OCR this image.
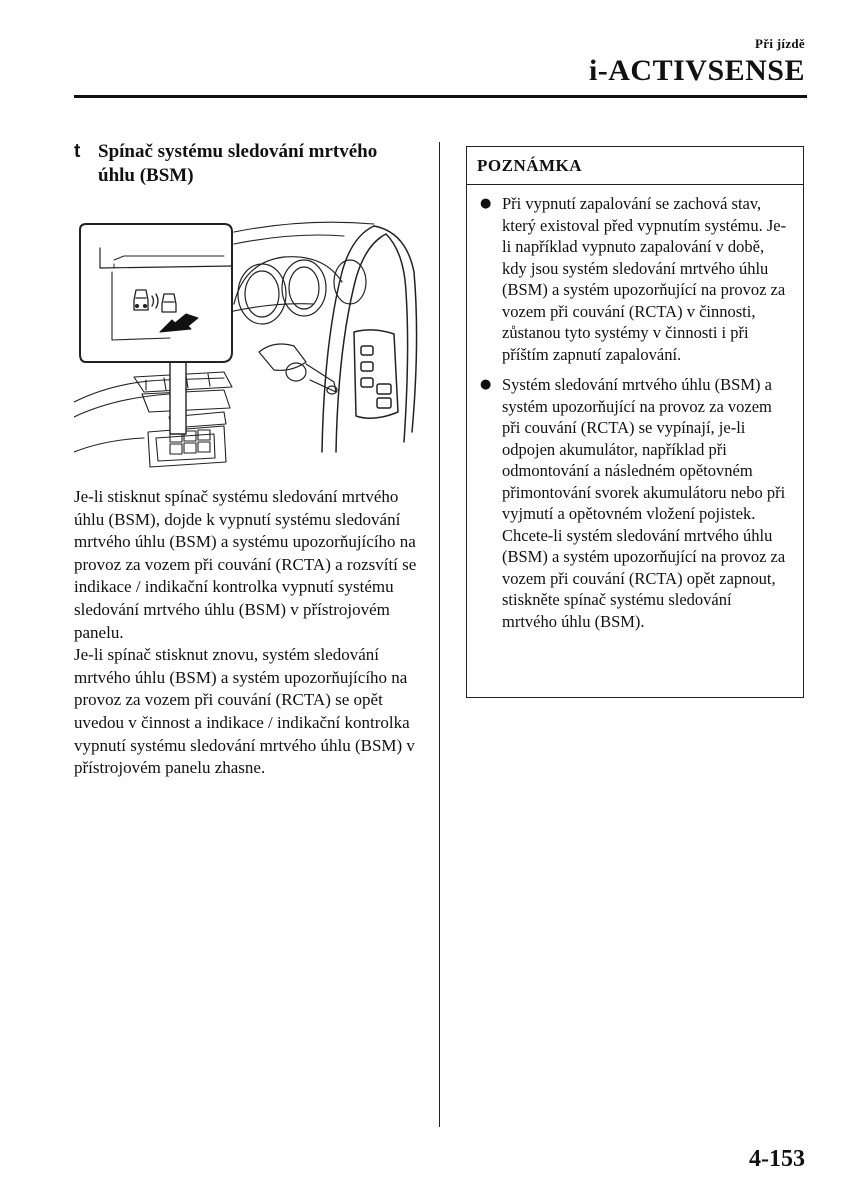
Při jízdě
i-ACTIVSENSE
t Spínač systému sledování mrtvého úhlu (BSM)

Je-li stisknut spínač systému sledování mrtvého úhlu (BSM), dojde k vypnutí systému sledování mrtvého úhlu (BSM) a systému upozorňujícího na provoz za vozem při couvání (RCTA) a rozsvítí se indikace / indikační kontrolka vypnutí systému sledování mrtvého úhlu (BSM) v přístrojovém panelu.

Je-li spínač stisknut znovu, systém sledování mrtvého úhlu (BSM) a systém upozorňujícího na provoz za vozem při couvání (RCTA) se opět uvedou v činnost a indikace / indikační kontrolka vypnutí systému sledování mrtvého úhlu (BSM) v přístrojovém panelu zhasne.

POZNÁMKA
● Při vypnutí zapalování se zachová stav, který existoval před vypnutím systému. Je-li například vypnuto zapalování v době, kdy jsou systém sledování mrtvého úhlu (BSM) a systém upozorňující na provoz za vozem při couvání (RCTA) v činnosti, zůstanou tyto systémy v činnosti i při příštím zapnutí zapalování.
● Systém sledování mrtvého úhlu (BSM) a systém upozorňující na provoz za vozem při couvání (RCTA) se vypínají, je-li odpojen akumulátor, například při odmontování a následném opětovném přimontování svorek akumulátoru nebo při vyjmutí a opětovném vložení pojistek. Chcete-li systém sledování mrtvého úhlu (BSM) a systém upozorňující na provoz za vozem při couvání (RCTA) opět zapnout, stiskněte spínač systému sledování mrtvého úhlu (BSM).
4-153
